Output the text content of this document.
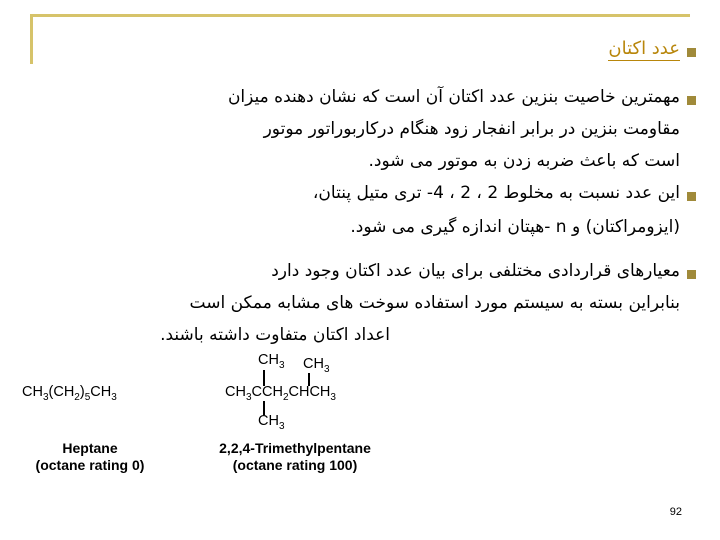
عدد اکتان
مهمترین خاصیت بنزین عدد اکتان آن است که نشان دهنده میزان
مقاومت بنزین در برابر انفجار زود هنگام درکاربوراتور موتور
است که باعث ضربه زدن به موتور می شود.
این عدد نسبت به مخلوط 2 ، 2 ، 4- تری متیل پنتان،
(ایزومراکتان) و n -هپتان اندازه گیری می شود.
معیارهای قراردادی مختلفی برای بیان عدد اکتان وجود دارد
بنابراین بسته به سیستم مورد استفاده سوخت های مشابه ممکن است
اعداد اکتان متفاوت داشته باشند.
$CH_3(CH_2)_5CH_3$
Heptane
(octane rating 0)
$CH_3$ $CH_3$
$CH_3CCH_2CHCH_3$
$CH_3$
2,2,4-Trimethylpentane
(octane rating 100)
92
